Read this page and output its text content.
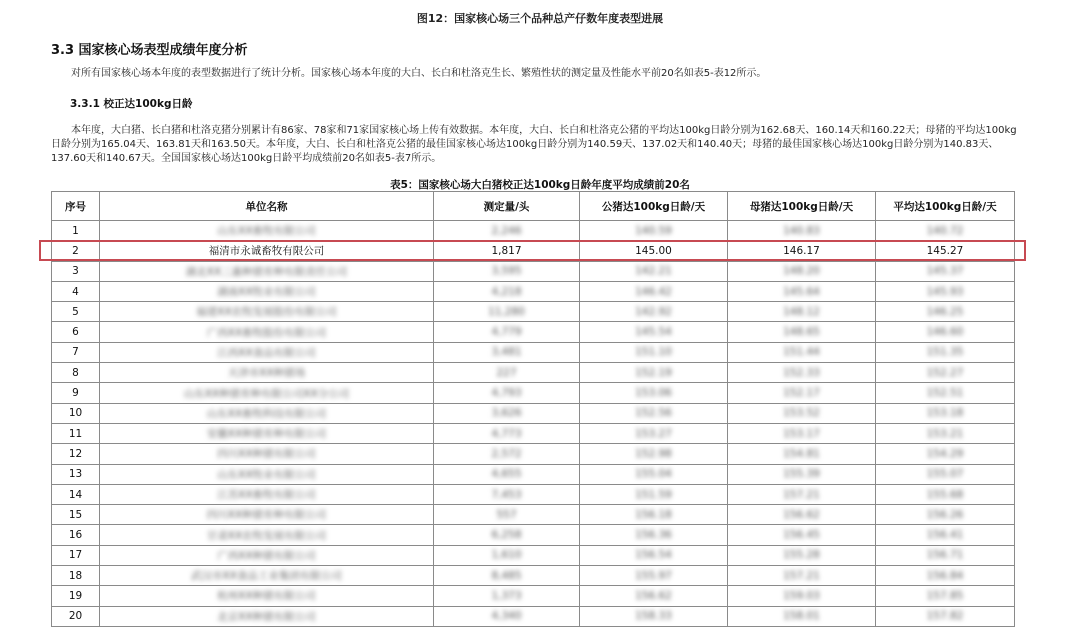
图12：国家核心场三个品种总产仔数年度表型进展
3.3 国家核心场表型成绩年度分析
对所有国家核心场本年度的表型数据进行了统计分析。国家核心场本年度的大白、长白和杜洛克生长、繁殖性状的测定量及性能水平前20名如表5-表12所示。
3.3.1 校正达100kg日龄
本年度，大白猪、长白猪和杜洛克猪分别累计有86家、78家和71家国家核心场上传有效数据。本年度，大白、长白和杜洛克公猪的平均达100kg日龄分别为162.68天、160.14天和160.22天；母猪的平均达100kg日龄分别为165.04天、163.81天和163.50天。本年度，大白、长白和杜洛克公猪的最佳国家核心场达100kg日龄分别为140.59天、137.02天和140.40天；母猪的最佳国家核心场达100kg日龄分别为140.83天、137.60天和140.67天。全国国家核心场达100kg日龄平均成绩前20名如表5-表7所示。
表5：国家核心场大白猪校正达100kg日龄年度平均成绩前20名
序号	单位名称	测定量/头	公猪达100kg日龄/天	母猪达100kg日龄/天	平均达100kg日龄/天
1	山东XX畜牧有限公司	2,246	140.59	140.83	140.72
2	福清市永诚畜牧有限公司	1,817	145.00	146.17	145.27
3	湖北XX三惠种猪育种有限责任公司	3,595	142.21	148.20	145.37
4	湖南XX牧业有限公司	4,218	146.42	145.64	145.93
5	福建XX农牧发展股份有限公司	11,280	142.92	148.12	146.25
6	广西XX畜牧股份有限公司	4,779	145.54	148.65	146.60
7	江西XX食品有限公司	3,481	151.10	151.44	151.35
8	天津市XX种猪场	227	152.19	152.33	152.27
9	山东XX种猪育种有限公司XX分公司	4,793	153.06	152.17	152.51
10	山东XX畜牧科技有限公司	3,626	152.56	153.52	153.18
11	安徽XX种猪育种有限公司	4,773	153.27	153.17	153.21
12	四川XX种猪有限公司	2,572	152.98	154.81	154.29
13	山东XX牧业有限公司	4,655	155.04	155.39	155.07
14	江苏XX畜牧有限公司	7,453	151.59	157.21	155.68
15	四川XX种猪育种有限公司	557	156.18	156.62	156.26
16	甘肃XX农牧发展有限公司	6,258	156.36	156.45	156.41
17	广西XX种猪有限公司	1,610	156.54	155.28	156.71
18	武汉市XX食品工业集团有限公司	8,485	155.97	157.21	156.84
19	杭州XX种猪有限公司	1,373	156.62	159.03	157.85
20	北京XX种猪有限公司	4,340	158.33	158.01	157.82
